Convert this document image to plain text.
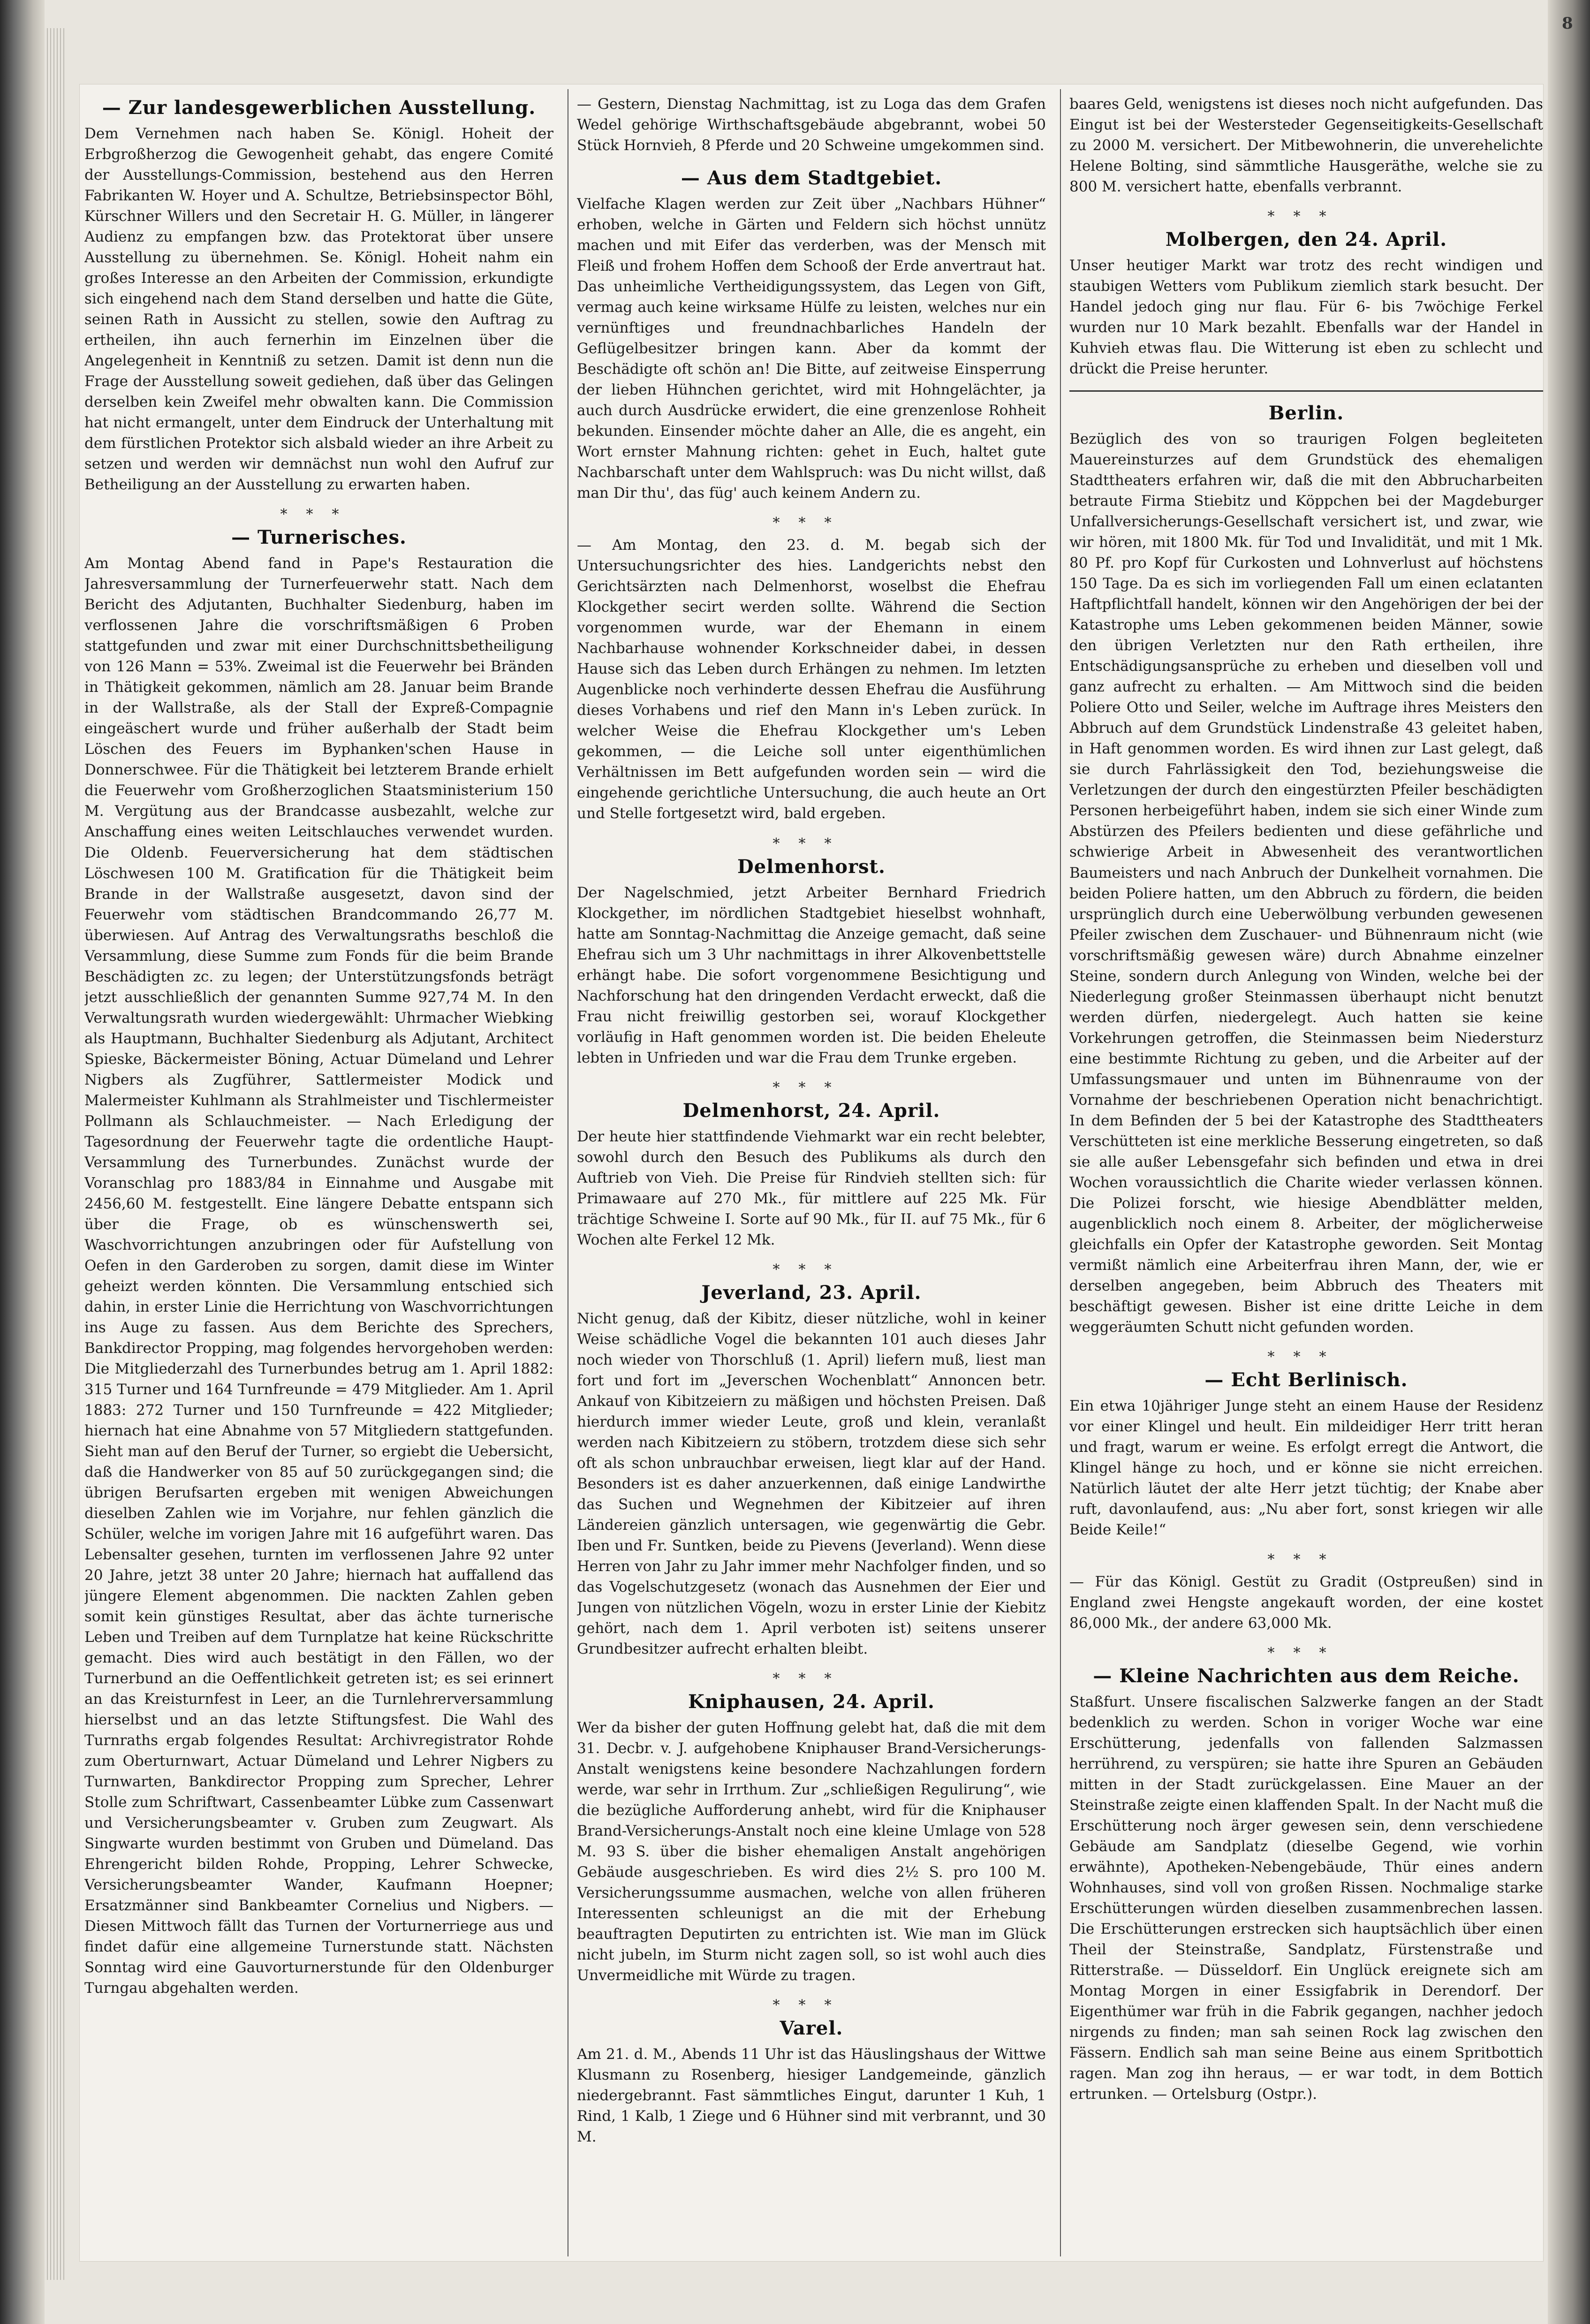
8
— Zur landesgewerblichen Ausstellung.

Dem Vernehmen nach haben Se. Königl. Hoheit der Erbgroßherzog die Gewogenheit gehabt, das engere Comité der Ausstellungs-Commission, bestehend aus den Herren Fabrikanten W. Hoyer und A. Schultze, Betriebsinspector Böhl, Kürschner Willers und den Secretair H. G. Müller, in längerer Audienz zu empfangen bzw. das Protektorat über unsere Ausstellung zu übernehmen. Se. Königl. Hoheit nahm ein großes Interesse an den Arbeiten der Commission, erkundigte sich eingehend nach dem Stand derselben und hatte die Güte, seinen Rath in Aussicht zu stellen, sowie den Auftrag zu ertheilen, ihn auch fernerhin im Einzelnen über die Angelegenheit in Kenntniß zu setzen. Damit ist denn nun die Frage der Ausstellung soweit gediehen, daß über das Gelingen derselben kein Zweifel mehr obwalten kann. Die Commission hat nicht ermangelt, unter dem Eindruck der Unterhaltung mit dem fürstlichen Protektor sich alsbald wieder an ihre Arbeit zu setzen und werden wir demnächst nun wohl den Aufruf zur Betheiligung an der Ausstellung zu erwarten haben.

***
— Turnerisches.

Am Montag Abend fand in Pape's Restauration die Jahresversammlung der Turnerfeuerwehr statt. Nach dem Bericht des Adjutanten, Buchhalter Siedenburg, haben im verflossenen Jahre die vorschriftsmäßigen 6 Proben stattgefunden und zwar mit einer Durchschnittsbetheiligung von 126 Mann = 53%. Zweimal ist die Feuerwehr bei Bränden in Thätigkeit gekommen, nämlich am 28. Januar beim Brande in der Wallstraße, als der Stall der Expreß-Compagnie eingeäschert wurde und früher außerhalb der Stadt beim Löschen des Feuers im Byphanken'schen Hause in Donnerschwee. Für die Thätigkeit bei letzterem Brande erhielt die Feuerwehr vom Großherzoglichen Staatsministerium 150 M. Vergütung aus der Brandcasse ausbezahlt, welche zur Anschaffung eines weiten Leitschlauches verwendet wurden. Die Oldenb. Feuerversicherung hat dem städtischen Löschwesen 100 M. Gratification für die Thätigkeit beim Brande in der Wallstraße ausgesetzt, davon sind der Feuerwehr vom städtischen Brandcommando 26,77 M. überwiesen. Auf Antrag des Verwaltungsraths beschloß die Versammlung, diese Summe zum Fonds für die beim Brande Beschädigten zc. zu legen; der Unterstützungsfonds beträgt jetzt ausschließlich der genannten Summe 927,74 M. In den Verwaltungsrath wurden wiedergewählt: Uhrmacher Wiebking als Hauptmann, Buchhalter Siedenburg als Adjutant, Architect Spieske, Bäckermeister Böning, Actuar Dümeland und Lehrer Nigbers als Zugführer, Sattlermeister Modick und Malermeister Kuhlmann als Strahlmeister und Tischlermeister Pollmann als Schlauchmeister. — Nach Erledigung der Tagesordnung der Feuerwehr tagte die ordentliche Haupt-Versammlung des Turnerbundes. Zunächst wurde der Voranschlag pro 1883/84 in Einnahme und Ausgabe mit 2456,60 M. festgestellt. Eine längere Debatte entspann sich über die Frage, ob es wünschenswerth sei, Waschvorrichtungen anzubringen oder für Aufstellung von Oefen in den Garderoben zu sorgen, damit diese im Winter geheizt werden könnten. Die Versammlung entschied sich dahin, in erster Linie die Herrichtung von Waschvorrichtungen ins Auge zu fassen. Aus dem Berichte des Sprechers, Bankdirector Propping, mag folgendes hervorgehoben werden: Die Mitgliederzahl des Turnerbundes betrug am 1. April 1882: 315 Turner und 164 Turnfreunde = 479 Mitglieder. Am 1. April 1883: 272 Turner und 150 Turnfreunde = 422 Mitglieder; hiernach hat eine Abnahme von 57 Mitgliedern stattgefunden. Sieht man auf den Beruf der Turner, so ergiebt die Uebersicht, daß die Handwerker von 85 auf 50 zurückgegangen sind; die übrigen Berufsarten ergeben mit wenigen Abweichungen dieselben Zahlen wie im Vorjahre, nur fehlen gänzlich die Schüler, welche im vorigen Jahre mit 16 aufgeführt waren. Das Lebensalter gesehen, turnten im verflossenen Jahre 92 unter 20 Jahre, jetzt 38 unter 20 Jahre; hiernach hat auffallend das jüngere Element abgenommen. Die nackten Zahlen geben somit kein günstiges Resultat, aber das ächte turnerische Leben und Treiben auf dem Turnplatze hat keine Rückschritte gemacht. Dies wird auch bestätigt in den Fällen, wo der Turnerbund an die Oeffentlichkeit getreten ist; es sei erinnert an das Kreisturnfest in Leer, an die Turnlehrerversammlung hierselbst und an das letzte Stiftungsfest. Die Wahl des Turnraths ergab folgendes Resultat: Archivregistrator Rohde zum Oberturnwart, Actuar Dümeland und Lehrer Nigbers zu Turnwarten, Bankdirector Propping zum Sprecher, Lehrer Stolle zum Schriftwart, Cassenbeamter Lübke zum Cassenwart und Versicherungsbeamter v. Gruben zum Zeugwart. Als Singwarte wurden bestimmt von Gruben und Dümeland. Das Ehrengericht bilden Rohde, Propping, Lehrer Schwecke, Versicherungsbeamter Wander, Kaufmann Hoepner; Ersatzmänner sind Bankbeamter Cornelius und Nigbers. — Diesen Mittwoch fällt das Turnen der Vorturnerriege aus und findet dafür eine allgemeine Turnerstunde statt. Nächsten Sonntag wird eine Gauvorturnerstunde für den Oldenburger Turngau abgehalten werden.

— Gestern, Dienstag Nachmittag, ist zu Loga das dem Grafen Wedel gehörige Wirthschaftsgebäude abgebrannt, wobei 50 Stück Hornvieh, 8 Pferde und 20 Schweine umgekommen sind.

— Aus dem Stadtgebiet.

Vielfache Klagen werden zur Zeit über „Nachbars Hühner“ erhoben, welche in Gärten und Feldern sich höchst unnütz machen und mit Eifer das verderben, was der Mensch mit Fleiß und frohem Hoffen dem Schooß der Erde anvertraut hat. Das unheimliche Vertheidigungssystem, das Legen von Gift, vermag auch keine wirksame Hülfe zu leisten, welches nur ein vernünftiges und freundnachbarliches Handeln der Geflügelbesitzer bringen kann. Aber da kommt der Beschädigte oft schön an! Die Bitte, auf zeitweise Einsperrung der lieben Hühnchen gerichtet, wird mit Hohngelächter, ja auch durch Ausdrücke erwidert, die eine grenzenlose Rohheit bekunden. Einsender möchte daher an Alle, die es angeht, ein Wort ernster Mahnung richten: gehet in Euch, haltet gute Nachbarschaft unter dem Wahlspruch: was Du nicht willst, daß man Dir thu', das füg' auch keinem Andern zu.

***

— Am Montag, den 23. d. M. begab sich der Untersuchungsrichter des hies. Landgerichts nebst den Gerichtsärzten nach Delmenhorst, woselbst die Ehefrau Klockgether secirt werden sollte. Während die Section vorgenommen wurde, war der Ehemann in einem Nachbarhause wohnender Korkschneider dabei, in dessen Hause sich das Leben durch Erhängen zu nehmen. Im letzten Augenblicke noch verhinderte dessen Ehefrau die Ausführung dieses Vorhabens und rief den Mann in's Leben zurück. In welcher Weise die Ehefrau Klockgether um's Leben gekommen, — die Leiche soll unter eigenthümlichen Verhältnissen im Bett aufgefunden worden sein — wird die eingehende gerichtliche Untersuchung, die auch heute an Ort und Stelle fortgesetzt wird, bald ergeben.

***
Delmenhorst.

Der Nagelschmied, jetzt Arbeiter Bernhard Friedrich Klockgether, im nördlichen Stadtgebiet hieselbst wohnhaft, hatte am Sonntag-Nachmittag die Anzeige gemacht, daß seine Ehefrau sich um 3 Uhr nachmittags in ihrer Alkovenbettstelle erhängt habe. Die sofort vorgenommene Besichtigung und Nachforschung hat den dringenden Verdacht erweckt, daß die Frau nicht freiwillig gestorben sei, worauf Klockgether vorläufig in Haft genommen worden ist. Die beiden Eheleute lebten in Unfrieden und war die Frau dem Trunke ergeben.

***
Delmenhorst, 24. April.

Der heute hier stattfindende Viehmarkt war ein recht belebter, sowohl durch den Besuch des Publikums als durch den Auftrieb von Vieh. Die Preise für Rindvieh stellten sich: für Primawaare auf 270 Mk., für mittlere auf 225 Mk. Für trächtige Schweine I. Sorte auf 90 Mk., für II. auf 75 Mk., für 6 Wochen alte Ferkel 12 Mk.

***
Jeverland, 23. April.

Nicht genug, daß der Kibitz, dieser nützliche, wohl in keiner Weise schädliche Vogel die bekannten 101 auch dieses Jahr noch wieder von Thorschluß (1. April) liefern muß, liest man fort und fort im „Jeverschen Wochenblatt“ Annoncen betr. Ankauf von Kibitzeiern zu mäßigen und höchsten Preisen. Daß hierdurch immer wieder Leute, groß und klein, veranlaßt werden nach Kibitzeiern zu stöbern, trotzdem diese sich sehr oft als schon unbrauchbar erweisen, liegt klar auf der Hand. Besonders ist es daher anzuerkennen, daß einige Landwirthe das Suchen und Wegnehmen der Kibitzeier auf ihren Ländereien gänzlich untersagen, wie gegenwärtig die Gebr. Iben und Fr. Suntken, beide zu Pievens (Jeverland). Wenn diese Herren von Jahr zu Jahr immer mehr Nachfolger finden, und so das Vogelschutzgesetz (wonach das Ausnehmen der Eier und Jungen von nützlichen Vögeln, wozu in erster Linie der Kiebitz gehört, nach dem 1. April verboten ist) seitens unserer Grundbesitzer aufrecht erhalten bleibt.

***
Kniphausen, 24. April.

Wer da bisher der guten Hoffnung gelebt hat, daß die mit dem 31. Decbr. v. J. aufgehobene Kniphauser Brand-Versicherungs-Anstalt wenigstens keine besondere Nachzahlungen fordern werde, war sehr in Irrthum. Zur „schließigen Regulirung“, wie die bezügliche Aufforderung anhebt, wird für die Kniphauser Brand-Versicherungs-Anstalt noch eine kleine Umlage von 528 M. 93 S. über die bisher ehemaligen Anstalt angehörigen Gebäude ausgeschrieben. Es wird dies 2½ S. pro 100 M. Versicherungssumme ausmachen, welche von allen früheren Interessenten schleunigst an die mit der Erhebung beauftragten Deputirten zu entrichten ist. Wie man im Glück nicht jubeln, im Sturm nicht zagen soll, so ist wohl auch dies Unvermeidliche mit Würde zu tragen.

***
Varel.

Am 21. d. M., Abends 11 Uhr ist das Häuslingshaus der Wittwe Klusmann zu Rosenberg, hiesiger Landgemeinde, gänzlich niedergebrannt. Fast sämmtliches Eingut, darunter 1 Kuh, 1 Rind, 1 Kalb, 1 Ziege und 6 Hühner sind mit verbrannt, und 30 M.

baares Geld, wenigstens ist dieses noch nicht aufgefunden. Das Eingut ist bei der Westersteder Gegenseitigkeits-Gesellschaft zu 2000 M. versichert. Der Mitbewohnerin, die unverehelichte Helene Bolting, sind sämmtliche Hausgeräthe, welche sie zu 800 M. versichert hatte, ebenfalls verbrannt.

***
Molbergen, den 24. April.

Unser heutiger Markt war trotz des recht windigen und staubigen Wetters vom Publikum ziemlich stark besucht. Der Handel jedoch ging nur flau. Für 6- bis 7wöchige Ferkel wurden nur 10 Mark bezahlt. Ebenfalls war der Handel in Kuhvieh etwas flau. Die Witterung ist eben zu schlecht und drückt die Preise herunter.

Berlin.

Bezüglich des von so traurigen Folgen begleiteten Mauereinsturzes auf dem Grundstück des ehemaligen Stadttheaters erfahren wir, daß die mit den Abbrucharbeiten betraute Firma Stiebitz und Köppchen bei der Magdeburger Unfallversicherungs-Gesellschaft versichert ist, und zwar, wie wir hören, mit 1800 Mk. für Tod und Invalidität, und mit 1 Mk. 80 Pf. pro Kopf für Curkosten und Lohnverlust auf höchstens 150 Tage. Da es sich im vorliegenden Fall um einen eclatanten Haftpflichtfall handelt, können wir den Angehörigen der bei der Katastrophe ums Leben gekommenen beiden Männer, sowie den übrigen Verletzten nur den Rath ertheilen, ihre Entschädigungsansprüche zu erheben und dieselben voll und ganz aufrecht zu erhalten. — Am Mittwoch sind die beiden Poliere Otto und Seiler, welche im Auftrage ihres Meisters den Abbruch auf dem Grundstück Lindenstraße 43 geleitet haben, in Haft genommen worden. Es wird ihnen zur Last gelegt, daß sie durch Fahrlässigkeit den Tod, beziehungsweise die Verletzungen der durch den eingestürzten Pfeiler beschädigten Personen herbeigeführt haben, indem sie sich einer Winde zum Abstürzen des Pfeilers bedienten und diese gefährliche und schwierige Arbeit in Abwesenheit des verantwortlichen Baumeisters und nach Anbruch der Dunkelheit vornahmen. Die beiden Poliere hatten, um den Abbruch zu fördern, die beiden ursprünglich durch eine Ueberwölbung verbunden gewesenen Pfeiler zwischen dem Zuschauer- und Bühnenraum nicht (wie vorschriftsmäßig gewesen wäre) durch Abnahme einzelner Steine, sondern durch Anlegung von Winden, welche bei der Niederlegung großer Steinmassen überhaupt nicht benutzt werden dürfen, niedergelegt. Auch hatten sie keine Vorkehrungen getroffen, die Steinmassen beim Niedersturz eine bestimmte Richtung zu geben, und die Arbeiter auf der Umfassungsmauer und unten im Bühnenraume von der Vornahme der beschriebenen Operation nicht benachrichtigt. In dem Befinden der 5 bei der Katastrophe des Stadttheaters Verschütteten ist eine merkliche Besserung eingetreten, so daß sie alle außer Lebensgefahr sich befinden und etwa in drei Wochen voraussichtlich die Charite wieder verlassen können. Die Polizei forscht, wie hiesige Abendblätter melden, augenblicklich noch einem 8. Arbeiter, der möglicherweise gleichfalls ein Opfer der Katastrophe geworden. Seit Montag vermißt nämlich eine Arbeiterfrau ihren Mann, der, wie er derselben angegeben, beim Abbruch des Theaters mit beschäftigt gewesen. Bisher ist eine dritte Leiche in dem weggeräumten Schutt nicht gefunden worden.

***
— Echt Berlinisch.

Ein etwa 10jähriger Junge steht an einem Hause der Residenz vor einer Klingel und heult. Ein mildeidiger Herr tritt heran und fragt, warum er weine. Es erfolgt erregt die Antwort, die Klingel hänge zu hoch, und er könne sie nicht erreichen. Natürlich läutet der alte Herr jetzt tüchtig; der Knabe aber ruft, davonlaufend, aus: „Nu aber fort, sonst kriegen wir alle Beide Keile!“

***

— Für das Königl. Gestüt zu Gradit (Ostpreußen) sind in England zwei Hengste angekauft worden, der eine kostet 86,000 Mk., der andere 63,000 Mk.

***
— Kleine Nachrichten aus dem Reiche.

Staßfurt. Unsere fiscalischen Salzwerke fangen an der Stadt bedenklich zu werden. Schon in voriger Woche war eine Erschütterung, jedenfalls von fallenden Salzmassen herrührend, zu verspüren; sie hatte ihre Spuren an Gebäuden mitten in der Stadt zurückgelassen. Eine Mauer an der Steinstraße zeigte einen klaffenden Spalt. In der Nacht muß die Erschütterung noch ärger gewesen sein, denn verschiedene Gebäude am Sandplatz (dieselbe Gegend, wie vorhin erwähnte), Apotheken-Nebengebäude, Thür eines andern Wohnhauses, sind voll von großen Rissen. Nochmalige starke Erschütterungen würden dieselben zusammenbrechen lassen. Die Erschütterungen erstrecken sich hauptsächlich über einen Theil der Steinstraße, Sandplatz, Fürstenstraße und Ritterstraße. — Düsseldorf. Ein Unglück ereignete sich am Montag Morgen in einer Essigfabrik in Derendorf. Der Eigenthümer war früh in die Fabrik gegangen, nachher jedoch nirgends zu finden; man sah seinen Rock lag zwischen den Fässern. Endlich sah man seine Beine aus einem Spritbottich ragen. Man zog ihn heraus, — er war todt, in dem Bottich ertrunken. — Ortelsburg (Ostpr.).
